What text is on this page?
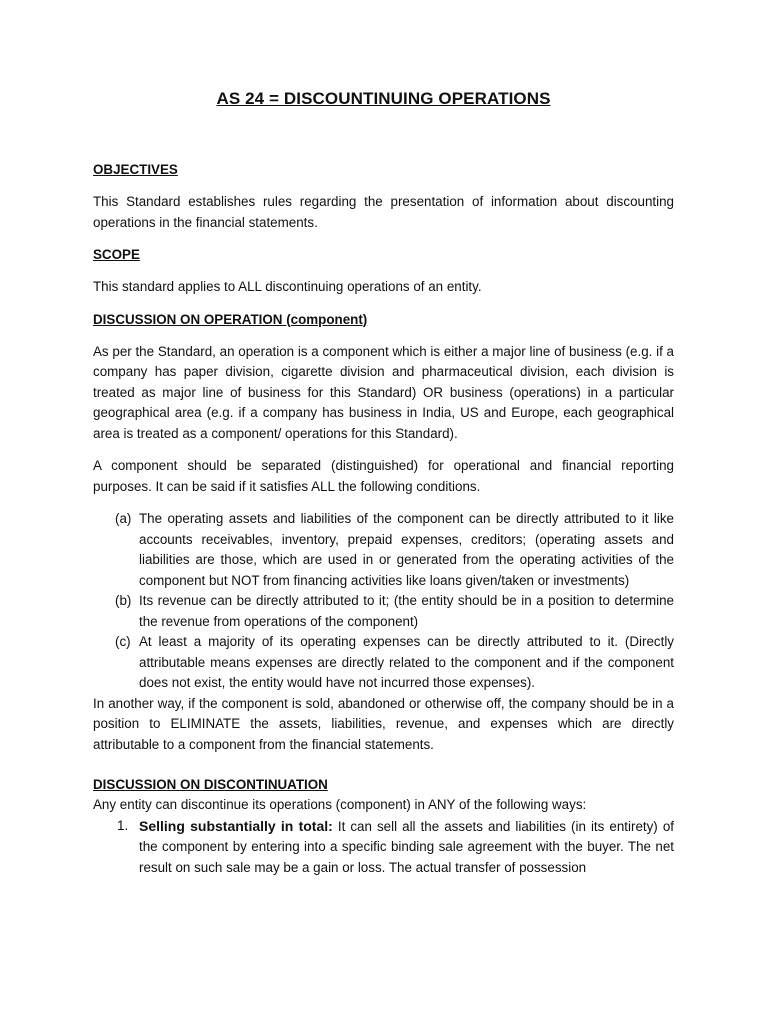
AS 24 = DISCOUNTINUING OPERATIONS
OBJECTIVES

This Standard establishes rules regarding the presentation of information about discounting operations in the financial statements.

SCOPE

This standard applies to ALL discontinuing operations of an entity.

DISCUSSION ON OPERATION (component)

As per the Standard, an operation is a component which is either a major line of business (e.g. if a company has paper division, cigarette division and pharmaceutical division, each division is treated as major line of business for this Standard) OR business (operations) in a particular geographical area (e.g. if a company has business in India, US and Europe, each geographical area is treated as a component/ operations for this Standard).

A component should be separated (distinguished) for operational and financial reporting purposes. It can be said if it satisfies ALL the following conditions.

(a) The operating assets and liabilities of the component can be directly attributed to it like accounts receivables, inventory, prepaid expenses, creditors; (operating assets and liabilities are those, which are used in or generated from the operating activities of the component but NOT from financing activities like loans given/taken or investments)
(b) Its revenue can be directly attributed to it; (the entity should be in a position to determine the revenue from operations of the component)
(c) At least a majority of its operating expenses can be directly attributed to it. (Directly attributable means expenses are directly related to the component and if the component does not exist, the entity would have not incurred those expenses).

In another way, if the component is sold, abandoned or otherwise off, the company should be in a position to ELIMINATE the assets, liabilities, revenue, and expenses which are directly attributable to a component from the financial statements.

DISCUSSION ON DISCONTINUATION

Any entity can discontinue its operations (component) in ANY of the following ways:

1. Selling substantially in total: It can sell all the assets and liabilities (in its entirety) of the component by entering into a specific binding sale agreement with the buyer. The net result on such sale may be a gain or loss. The actual transfer of possession
